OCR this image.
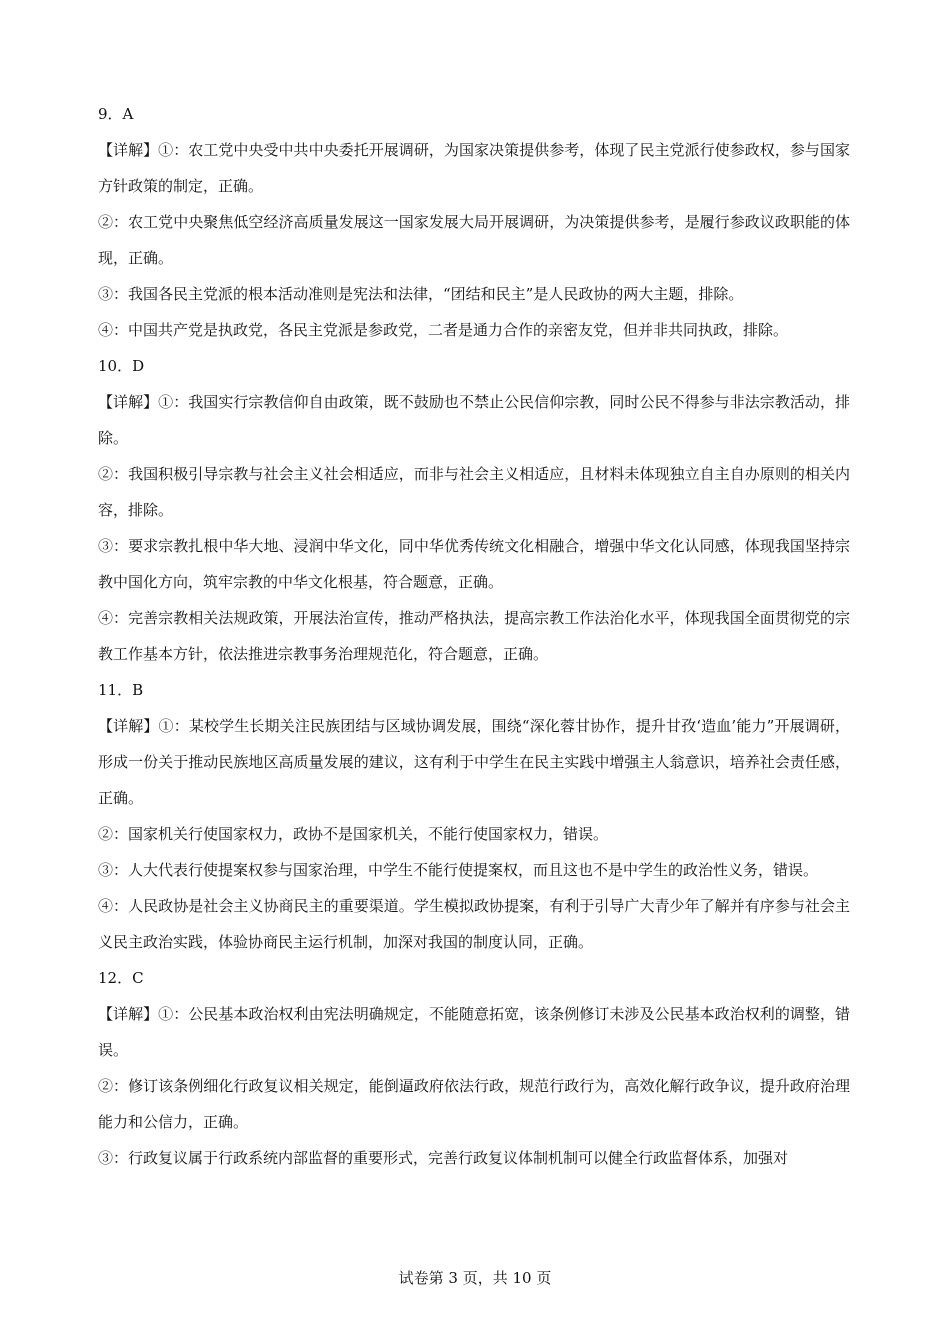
9．A

【详解】①：农工党中央受中共中央委托开展调研，为国家决策提供参考，体现了民主党派行使参政权，参与国家方针政策的制定，正确。

②：农工党中央聚焦低空经济高质量发展这一国家发展大局开展调研，为决策提供参考，是履行参政议政职能的体现，正确。

③：我国各民主党派的根本活动准则是宪法和法律，“团结和民主”是人民政协的两大主题，排除。

④：中国共产党是执政党，各民主党派是参政党，二者是通力合作的亲密友党，但并非共同执政，排除。

10．D

【详解】①：我国实行宗教信仰自由政策，既不鼓励也不禁止公民信仰宗教，同时公民不得参与非法宗教活动，排除。

②：我国积极引导宗教与社会主义社会相适应，而非与社会主义相适应，且材料未体现独立自主自办原则的相关内容，排除。

③：要求宗教扎根中华大地、浸润中华文化，同中华优秀传统文化相融合，增强中华文化认同感，体现我国坚持宗教中国化方向，筑牢宗教的中华文化根基，符合题意，正确。

④：完善宗教相关法规政策，开展法治宣传，推动严格执法，提高宗教工作法治化水平，体现我国全面贯彻党的宗教工作基本方针，依法推进宗教事务治理规范化，符合题意，正确。

11．B

【详解】①：某校学生长期关注民族团结与区域协调发展，围绕“深化蓉甘协作，提升甘孜‘造血’能力”开展调研，形成一份关于推动民族地区高质量发展的建议，这有利于中学生在民主实践中增强主人翁意识，培养社会责任感，正确。

②：国家机关行使国家权力，政协不是国家机关，不能行使国家权力，错误。

③：人大代表行使提案权参与国家治理，中学生不能行使提案权，而且这也不是中学生的政治性义务，错误。

④：人民政协是社会主义协商民主的重要渠道。学生模拟政协提案，有利于引导广大青少年了解并有序参与社会主义民主政治实践，体验协商民主运行机制，加深对我国的制度认同，正确。

12．C

【详解】①：公民基本政治权利由宪法明确规定，不能随意拓宽，该条例修订未涉及公民基本政治权利的调整，错误。

②：修订该条例细化行政复议相关规定，能倒逼政府依法行政，规范行政行为，高效化解行政争议，提升政府治理能力和公信力，正确。

③：行政复议属于行政系统内部监督的重要形式，完善行政复议体制机制可以健全行政监督体系，加强对

试卷第 3 页，共 10 页
